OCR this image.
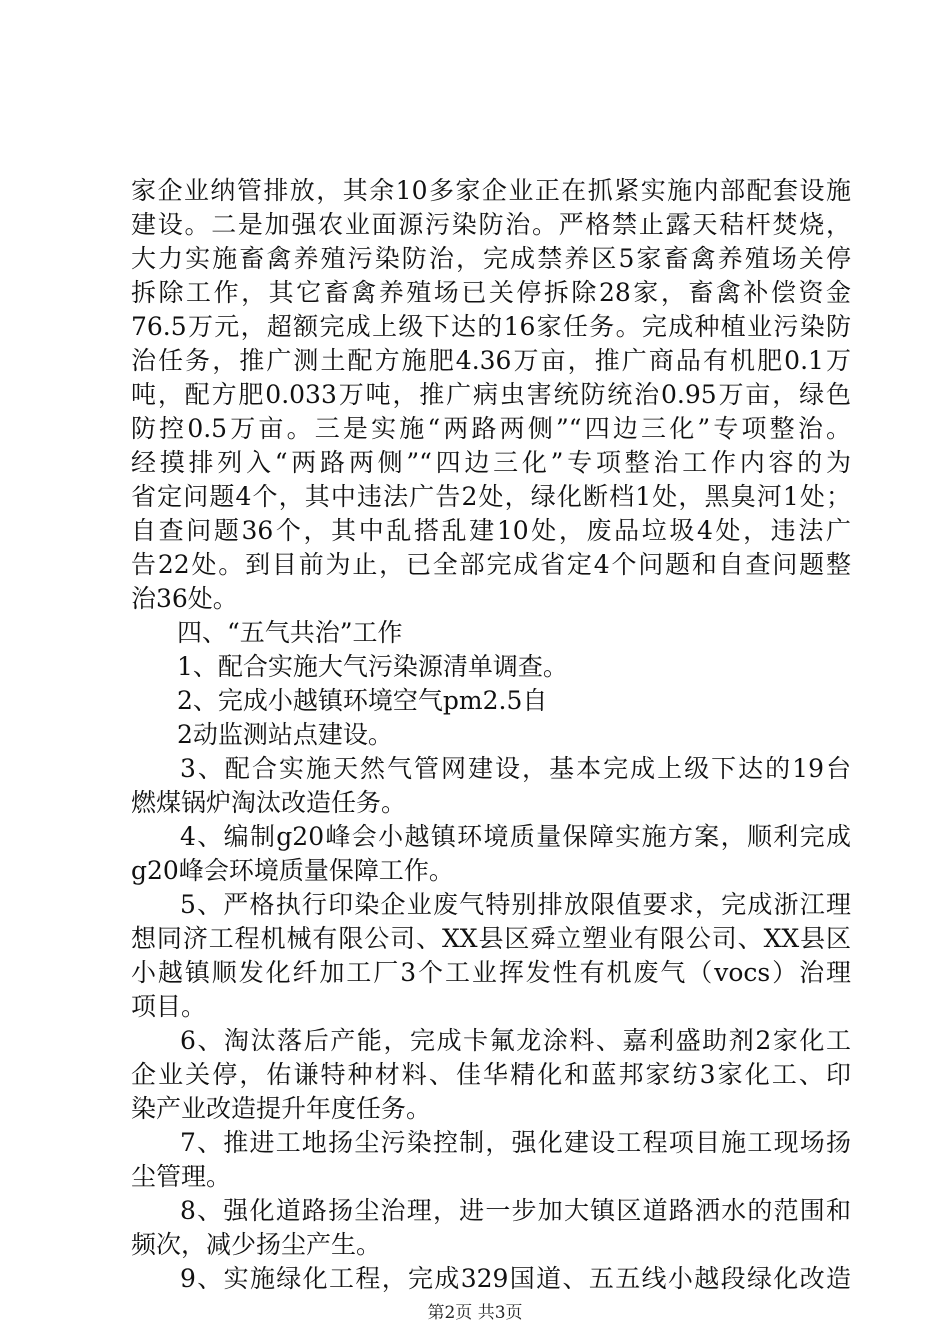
家企业纳管排放，其余10多家企业正在抓紧实施内部配套设施
建设。二是加强农业面源污染防治。严格禁止露天秸杆焚烧，
大力实施畜禽养殖污染防治，完成禁养区5家畜禽养殖场关停
拆除工作，其它畜禽养殖场已关停拆除28家，畜禽补偿资金
76.5万元，超额完成上级下达的16家任务。完成种植业污染防
治任务，推广测土配方施肥4.36万亩，推广商品有机肥0.1万
吨，配方肥0.033万吨，推广病虫害统防统治0.95万亩，绿色
防控0.5万亩。三是实施“两路两侧”“四边三化”专项整治。
经摸排列入“两路两侧”“四边三化”专项整治工作内容的为
省定问题4个，其中违法广告2处，绿化断档1处，黑臭河1处；
自查问题36个，其中乱搭乱建10处，废品垃圾4处，违法广
告22处。到目前为止，已全部完成省定4个问题和自查问题整
治36处。
四、“五气共治”工作
1、配合实施大气污染源清单调查。
2、完成小越镇环境空气pm2.5自
2动监测站点建设。
3、配合实施天然气管网建设，基本完成上级下达的19台
燃煤锅炉淘汰改造任务。
4、编制g20峰会小越镇环境质量保障实施方案，顺利完成
g20峰会环境质量保障工作。
5、严格执行印染企业废气特别排放限值要求，完成浙江理
想同济工程机械有限公司、XX县区舜立塑业有限公司、XX县区
小越镇顺发化纤加工厂3个工业挥发性有机废气（vocs）治理
项目。
6、淘汰落后产能，完成卡氟龙涂料、嘉利盛助剂2家化工
企业关停，佑谦特种材料、佳华精化和蓝邦家纺3家化工、印
染产业改造提升年度任务。
7、推进工地扬尘污染控制，强化建设工程项目施工现场扬
尘管理。
8、强化道路扬尘治理，进一步加大镇区道路洒水的范围和
频次，减少扬尘产生。
9、实施绿化工程，完成329国道、五五线小越段绿化改造
第2页 共3页
